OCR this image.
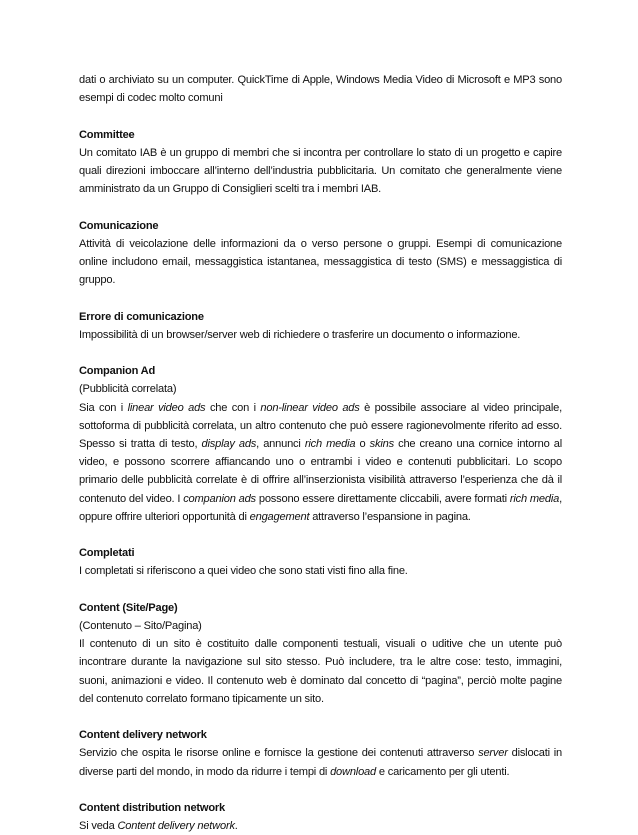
dati o archiviato su un computer. QuickTime di Apple, Windows Media Video di Microsoft e MP3 sono esempi di codec molto comuni

Committee

Un comitato IAB è un gruppo di membri che si incontra per controllare lo stato di un progetto e capire quali direzioni imboccare all’interno dell’industria pubblicitaria. Un comitato che generalmente viene amministrato da un Gruppo di Consiglieri scelti tra i membri IAB.

Comunicazione

Attività di veicolazione delle informazioni da o verso persone o gruppi. Esempi di comunicazione online includono email, messaggistica istantanea, messaggistica di testo (SMS) e messaggistica di gruppo.

Errore di comunicazione

Impossibilità di un browser/server web di richiedere o trasferire un documento o informazione.

Companion Ad

(Pubblicità correlata)

Sia con i linear video ads che con i non-linear video ads è possibile associare al video principale, sottoforma di pubblicità correlata, un altro contenuto che può essere ragionevolmente riferito ad esso. Spesso si tratta di testo, display ads, annunci rich media o skins che creano una cornice intorno al video, e possono scorrere affiancando uno o entrambi i video e contenuti pubblicitari. Lo scopo primario delle pubblicità correlate è di offrire all’inserzionista visibilità attraverso l’esperienza che dà il contenuto del video. I companion ads possono essere direttamente cliccabili, avere formati rich media, oppure offrire ulteriori opportunità di engagement attraverso l’espansione in pagina.

Completati

I completati si riferiscono a quei video che sono stati visti fino alla fine.

Content (Site/Page)

(Contenuto – Sito/Pagina)

Il contenuto di un sito è costituito dalle componenti testuali, visuali o uditive che un utente può incontrare durante la navigazione sul sito stesso. Può includere, tra le altre cose: testo, immagini, suoni, animazioni e video. Il contenuto web è dominato dal concetto di “pagina”, perciò molte pagine del contenuto correlato formano tipicamente un sito.

Content delivery network

Servizio che ospita le risorse online e fornisce la gestione dei contenuti attraverso server dislocati in diverse parti del mondo, in modo da ridurre i tempi di download e caricamento per gli utenti.

Content distribution network

Si veda Content delivery network.
